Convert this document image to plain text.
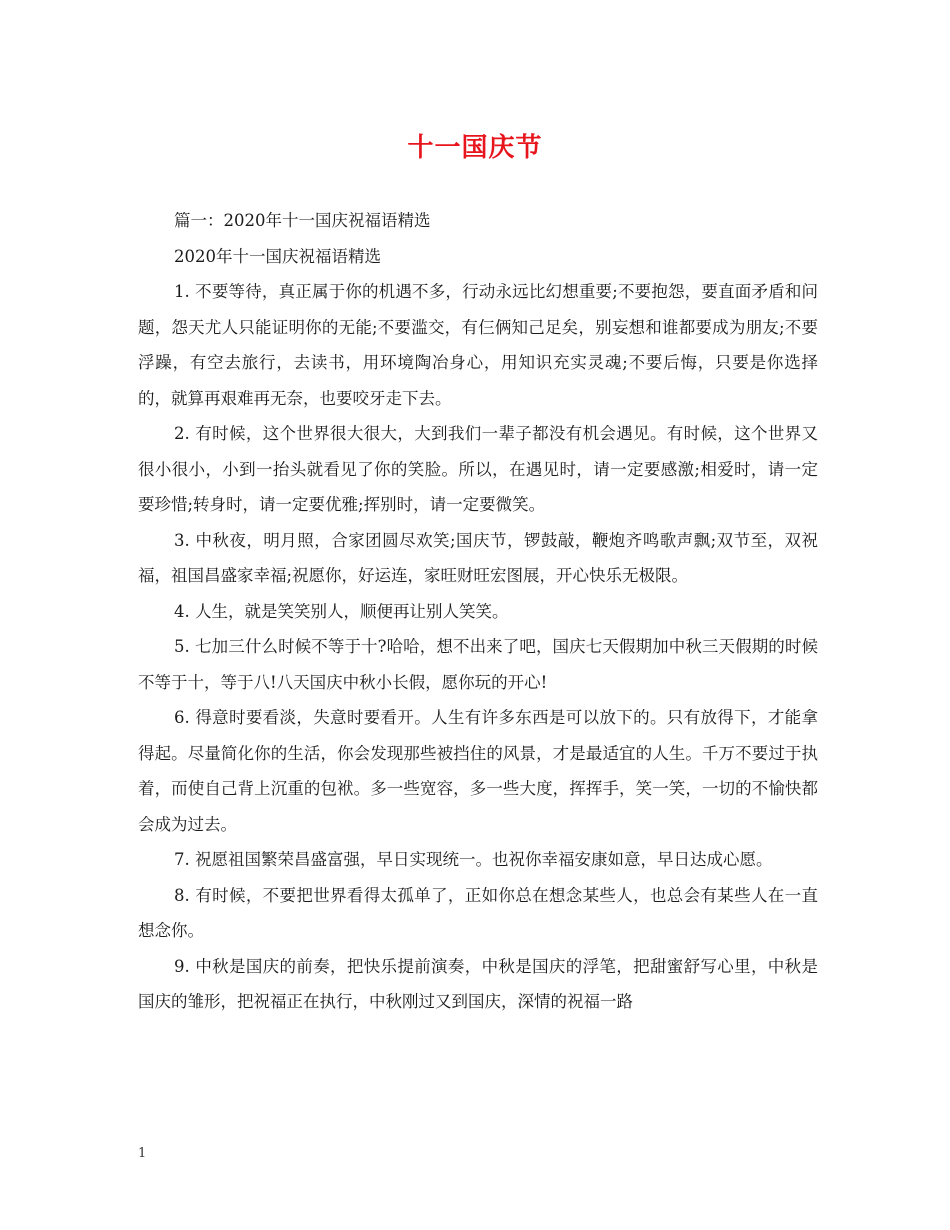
十一国庆节

篇一：2020年十一国庆祝福语精选

2020年十一国庆祝福语精选

1. 不要等待，真正属于你的机遇不多，行动永远比幻想重要;不要抱怨，要直面矛盾和问题，怨天尤人只能证明你的无能;不要滥交，有仨俩知己足矣，别妄想和谁都要成为朋友;不要浮躁，有空去旅行，去读书，用环境陶冶身心，用知识充实灵魂;不要后悔，只要是你选择的，就算再艰难再无奈，也要咬牙走下去。

2. 有时候，这个世界很大很大，大到我们一辈子都没有机会遇见。有时候，这个世界又很小很小，小到一抬头就看见了你的笑脸。所以，在遇见时，请一定要感激;相爱时，请一定要珍惜;转身时，请一定要优雅;挥别时，请一定要微笑。

3. 中秋夜，明月照，合家团圆尽欢笑;国庆节，锣鼓敲，鞭炮齐鸣歌声飘;双节至，双祝福，祖国昌盛家幸福;祝愿你，好运连，家旺财旺宏图展，开心快乐无极限。

4. 人生，就是笑笑别人，顺便再让别人笑笑。

5. 七加三什么时候不等于十?哈哈，想不出来了吧，国庆七天假期加中秋三天假期的时候不等于十，等于八!八天国庆中秋小长假，愿你玩的开心!

6. 得意时要看淡，失意时要看开。人生有许多东西是可以放下的。只有放得下，才能拿得起。尽量简化你的生活，你会发现那些被挡住的风景，才是最适宜的人生。千万不要过于执着，而使自己背上沉重的包袱。多一些宽容，多一些大度，挥挥手，笑一笑，一切的不愉快都会成为过去。

7. 祝愿祖国繁荣昌盛富强，早日实现统一。也祝你幸福安康如意，早日达成心愿。

8. 有时候，不要把世界看得太孤单了，正如你总在想念某些人，也总会有某些人在一直想念你。

9. 中秋是国庆的前奏，把快乐提前演奏，中秋是国庆的浮笔，把甜蜜舒写心里，中秋是国庆的雏形，把祝福正在执行，中秋刚过又到国庆，深情的祝福一路

1
